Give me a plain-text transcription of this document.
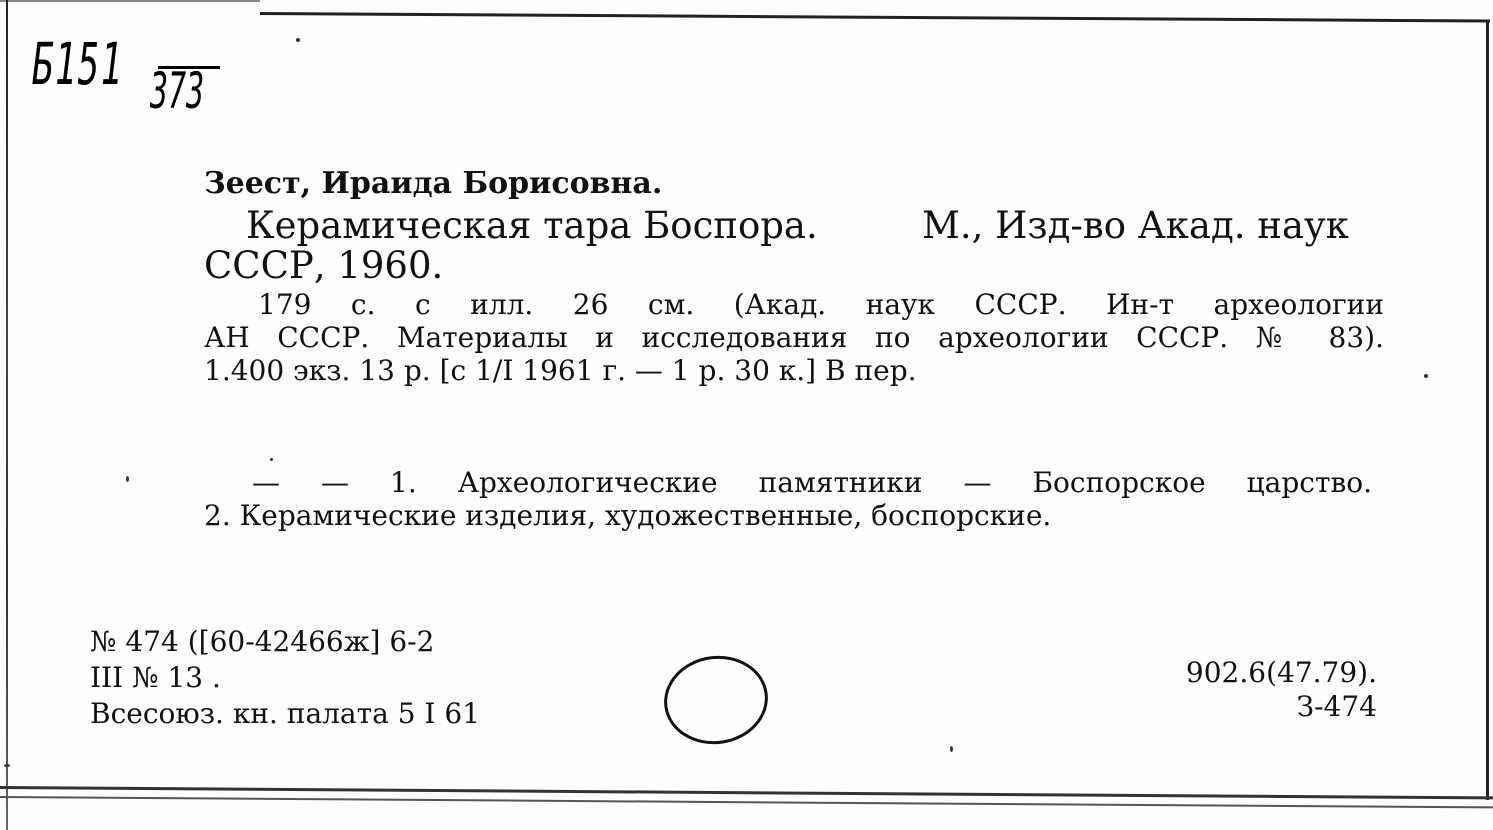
Б151 373
Зеест, Ираида Борисовна.
Керамическая тара Боспора.	М., Изд-во Акад. наук
СССР, 1960.
179 с. с илл. 26 см. (Акад. наук СССР. Ин-т археологии
АН СССР. Материалы и исследования по археологии СССР. № 83).
1.400 экз. 13 р. [с 1/I 1961 г. — 1 р. 30 к.] В пер.
— — 1. Археологические памятники — Боспорское царство.
2. Керамические изделия, художественные, боспорские.
№ 474 ([60-42466ж] 6-2
III № 13 .
Всесоюз. кн. палата 5 I 61
902.6(47.79).
З-474
